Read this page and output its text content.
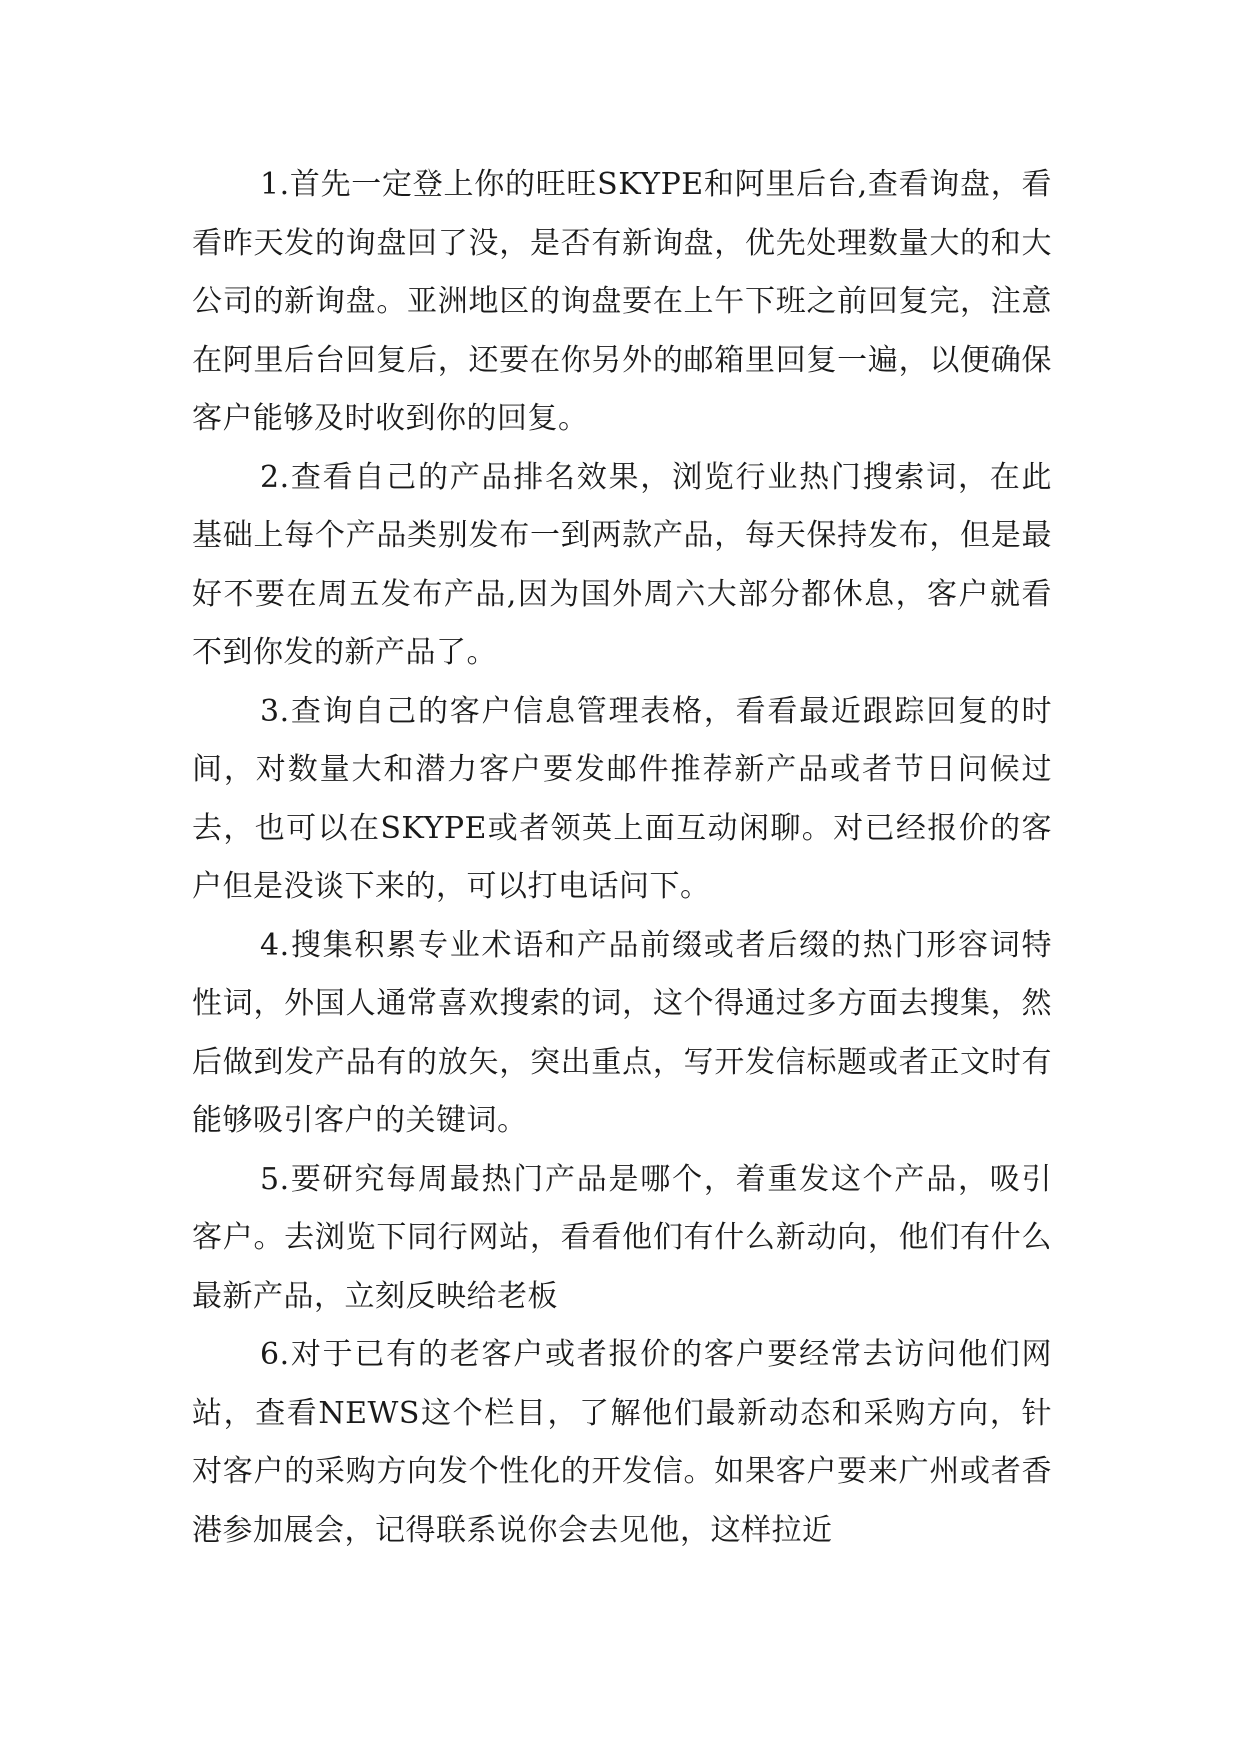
1.首先一定登上你的旺旺SKYPE和阿里后台,查看询盘，看看昨天发的询盘回了没，是否有新询盘，优先处理数量大的和大公司的新询盘。亚洲地区的询盘要在上午下班之前回复完，注意在阿里后台回复后，还要在你另外的邮箱里回复一遍，以便确保客户能够及时收到你的回复。

2.查看自己的产品排名效果，浏览行业热门搜索词，在此基础上每个产品类别发布一到两款产品，每天保持发布，但是最好不要在周五发布产品,因为国外周六大部分都休息，客户就看不到你发的新产品了。

3.查询自己的客户信息管理表格，看看最近跟踪回复的时间，对数量大和潜力客户要发邮件推荐新产品或者节日问候过去，也可以在SKYPE或者领英上面互动闲聊。对已经报价的客户但是没谈下来的，可以打电话问下。

4.搜集积累专业术语和产品前缀或者后缀的热门形容词特性词，外国人通常喜欢搜索的词，这个得通过多方面去搜集，然后做到发产品有的放矢，突出重点，写开发信标题或者正文时有能够吸引客户的关键词。

5.要研究每周最热门产品是哪个，着重发这个产品，吸引客户。去浏览下同行网站，看看他们有什么新动向，他们有什么最新产品，立刻反映给老板

6.对于已有的老客户或者报价的客户要经常去访问他们网站，查看NEWS这个栏目，了解他们最新动态和采购方向，针对客户的采购方向发个性化的开发信。如果客户要来广州或者香港参加展会，记得联系说你会去见他，这样拉近
